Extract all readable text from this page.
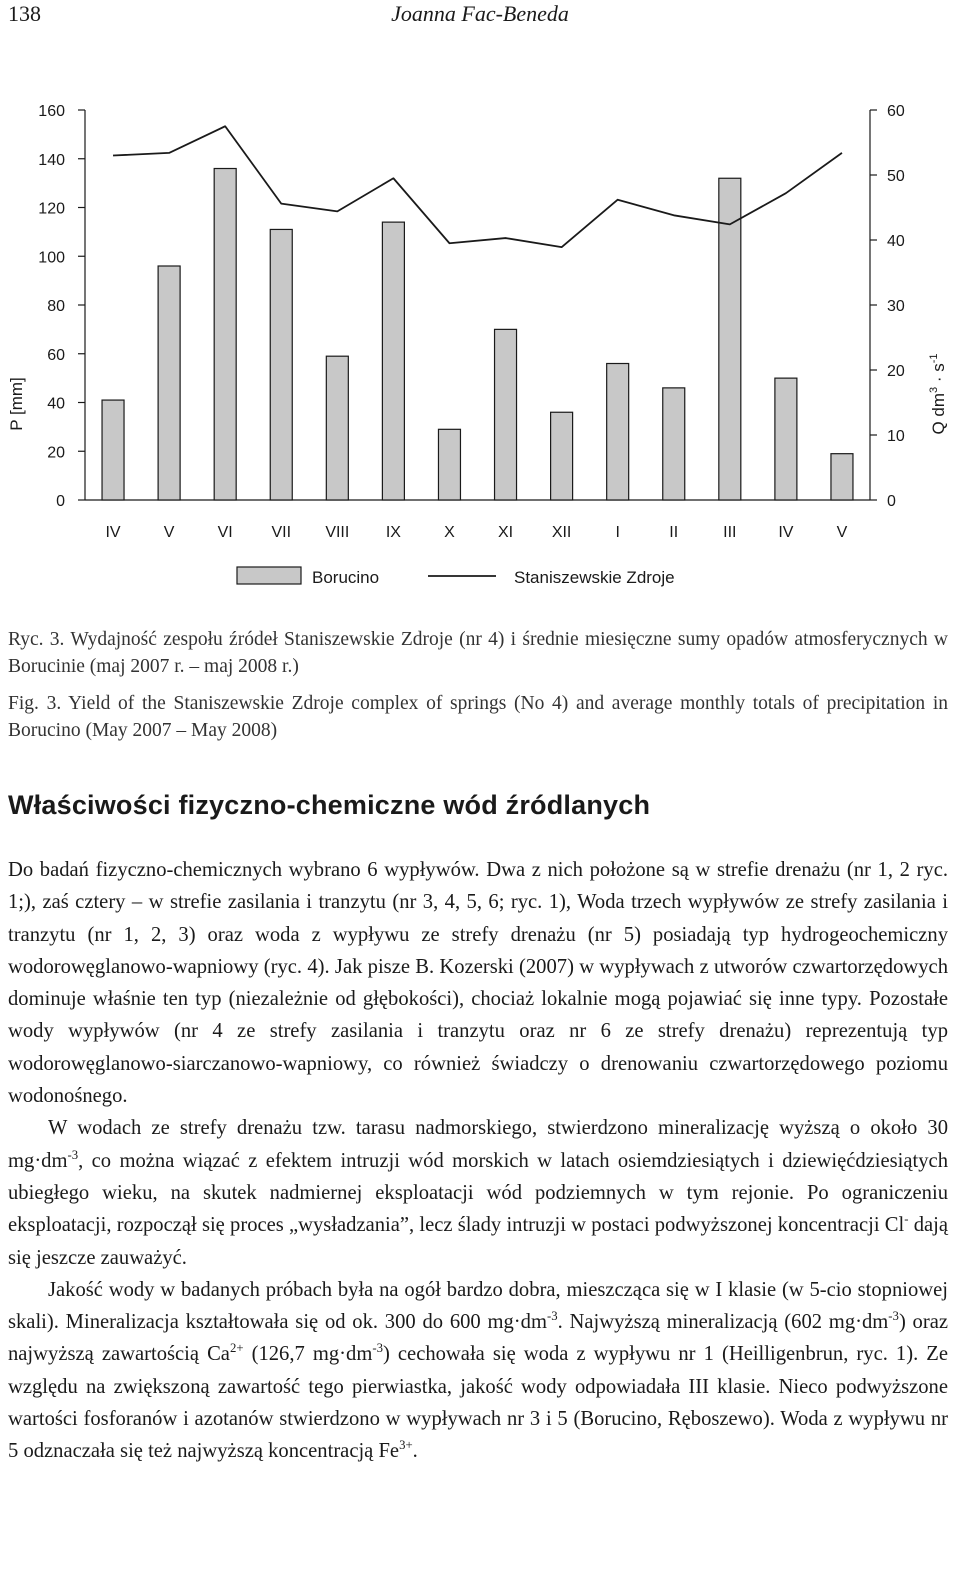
138	Joanna Fac-Beneda
0
20
40
60
80
100
120
140
160
0
10
20
30
40
50
60
IV	V	VI VII VIII IX	X	XI XII	I	II	III	IV	V
P [mm]	Q $dm^3 \cdot s^{-1}$
Borucino	Staniszewskie Zdroje
Ryc. 3. Wydajność zespołu źródeł Staniszewskie Zdroje (nr 4) i średnie miesięczne sumy opadów atmosferycznych w Borucinie (maj 2007 r. – maj 2008 r.)
Fig. 3. Yield of the Staniszewskie Zdroje complex of springs (No 4) and average monthly totals of precipitation in Borucino (May 2007 – May 2008)
Właściwości fizyczno-chemiczne wód źródlanych

Do badań fizyczno-chemicznych wybrano 6 wypływów. Dwa z nich położone są w strefie drenażu (nr 1, 2 ryc. 1;), zaś cztery – w strefie zasilania i tranzytu (nr 3, 4, 5, 6; ryc. 1), Woda trzech wypływów ze strefy zasilania i tranzytu (nr 1, 2, 3) oraz woda z wypływu ze strefy drenażu (nr 5) posiadają typ hydrogeochemiczny wodorowęglanowo-wapniowy (ryc. 4). Jak pisze B. Kozerski (2007) w wypływach z utworów czwartorzędowych dominuje właśnie ten typ (niezależnie od głębokości), chociaż lokalnie mogą pojawiać się inne typy. Pozostałe wody wypływów (nr 4 ze strefy zasilania i tranzytu oraz nr 6 ze strefy drenażu) reprezentują typ wodorowęglanowo-siarczanowo-wapniowy, co również świadczy o drenowaniu czwartorzędowego poziomu wodonośnego.

W wodach ze strefy drenażu tzw. tarasu nadmorskiego, stwierdzono mineralizację wyższą o około 30 $mg\cdot dm^{-3}$, co można wiązać z efektem intruzji wód morskich w latach osiemdziesiątych i dziewięćdziesiątych ubiegłego wieku, na skutek nadmiernej eksploatacji wód podziemnych w tym rejonie. Po ograniczeniu eksploatacji, rozpoczął się proces „wysładzania”, lecz ślady intruzji w postaci podwyższonej koncentracji Cl- dają się jeszcze zauważyć.

Jakość wody w badanych próbach była na ogół bardzo dobra, mieszcząca się w I klasie (w 5-cio stopniowej skali). Mineralizacja kształtowała się od ok. 300 do 600 $mg\cdot dm^{-3}$. Najwyższą mineralizacją (602 $mg\cdot dm^{-3}$) oraz najwyższą zawartością $Ca^{2+}$ (126,7 $mg\cdot dm^{-3}$) cechowała się woda z wypływu nr 1 (Heilligenbrun, ryc. 1). Ze względu na zwiększoną zawartość tego pierwiastka, jakość wody odpowiadała III klasie. Nieco podwyższone wartości fosforanów i azotanów stwierdzono w wypływach nr 3 i 5 (Borucino, Ręboszewo). Woda z wypływu nr 5 odznaczała się też najwyższą koncentracją $Fe^{3+}$.
